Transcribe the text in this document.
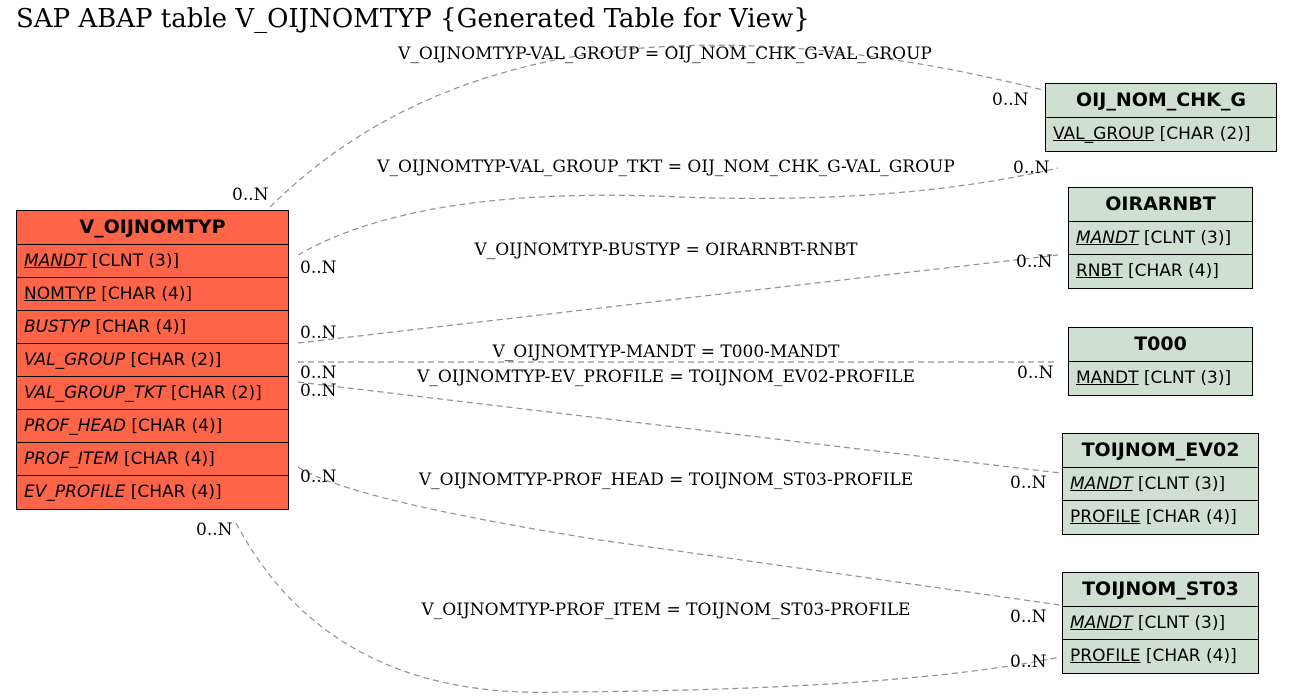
SAP ABAP table V_OIJNOMTYP {Generated Table for View}
V_OIJNOMTYP-VAL_GROUP = OIJ_NOM_CHK_G-VAL_GROUP
0..N
0..N
V_OIJNOMTYP-VAL_GROUP_TKT = OIJ_NOM_CHK_G-VAL_GROUP
0..N
0..N
V_OIJNOMTYP-BUSTYP = OIRARNBT-RNBT
0..N
0..N
V_OIJNOMTYP-MANDT = T000-MANDT
0..N	0..N
V_OIJNOMTYP-EV_PROFILE = TOIJNOM_EV02-PROFILE
0..N
0..N
V_OIJNOMTYP-PROF_HEAD = TOIJNOM_ST03-PROFILE
0..N
0..N
V_OIJNOMTYP-PROF_ITEM = TOIJNOM_ST03-PROFILE
0..N
0..N
V_OIJNOMTYP
MANDT [CLNT (3)]
NOMTYP [CHAR (4)]
BUSTYP [CHAR (4)]
VAL_GROUP [CHAR (2)]
VAL_GROUP_TKT [CHAR (2)]
PROF_HEAD [CHAR (4)]
PROF_ITEM [CHAR (4)]
EV_PROFILE [CHAR (4)]
OIJ_NOM_CHK_G
VAL_GROUP [CHAR (2)]
OIRARNBT
MANDT [CLNT (3)]
RNBT [CHAR (4)]
T000
MANDT [CLNT (3)]
TOIJNOM_EV02
MANDT [CLNT (3)]
PROFILE [CHAR (4)]
TOIJNOM_ST03
MANDT [CLNT (3)]
PROFILE [CHAR (4)]
